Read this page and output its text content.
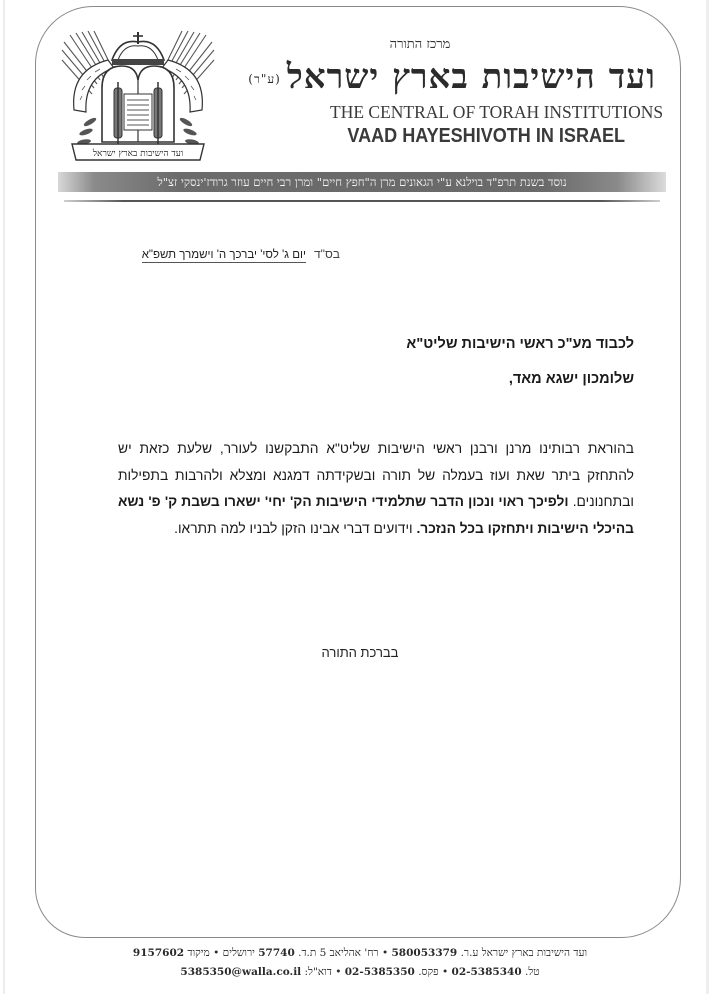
ועד הישיבות בארץ ישראל
מרכז התורה
ועד הישיבות בארץ ישראל(ע"ר)
THE CENTRAL OF TORAH INSTITUTIONS
VAAD HAYESHIVOTH IN ISRAEL
נוסד בשנת תרפ"ד בוילנא ע"י הגאונים מרן ה"חפץ חיים" ומרן רבי חיים עוזר גרודז'ינסקי זצ"ל
בס"ד
יום ג' לסי' יברכך ה' וישמרך תשפ"א
לכבוד מע"כ ראשי הישיבות שליט"א
שלומכון ישגא מאד,

בהוראת רבותינו מרנן ורבנן ראשי הישיבות שליט"א התבקשנו לעורר, שלעת כזאת יש להתחזק ביתר שאת ועוז בעמלה של תורה ובשקידתה דמגנא ומצלא ולהרבות בתפילות ובתחנונים. ולפיכך ראוי ונכון הדבר שתלמידי הישיבות הק' יחי' ישארו בשבת ק' פ' נשא בהיכלי הישיבות ויתחזקו בכל הנזכר. וידועים דברי אבינו הזקן לבניו למה תתראו.

בברכת התורה
ועד הישיבות בארץ ישראל ע.ר. 580053379 • רח' אהליאב 5 ת.ד. 57740 ירושלים • מיקוד 9157602
טל. 02-5385340 • פקס. 02-5385350 • דוא"ל: 5385350@walla.co.il
